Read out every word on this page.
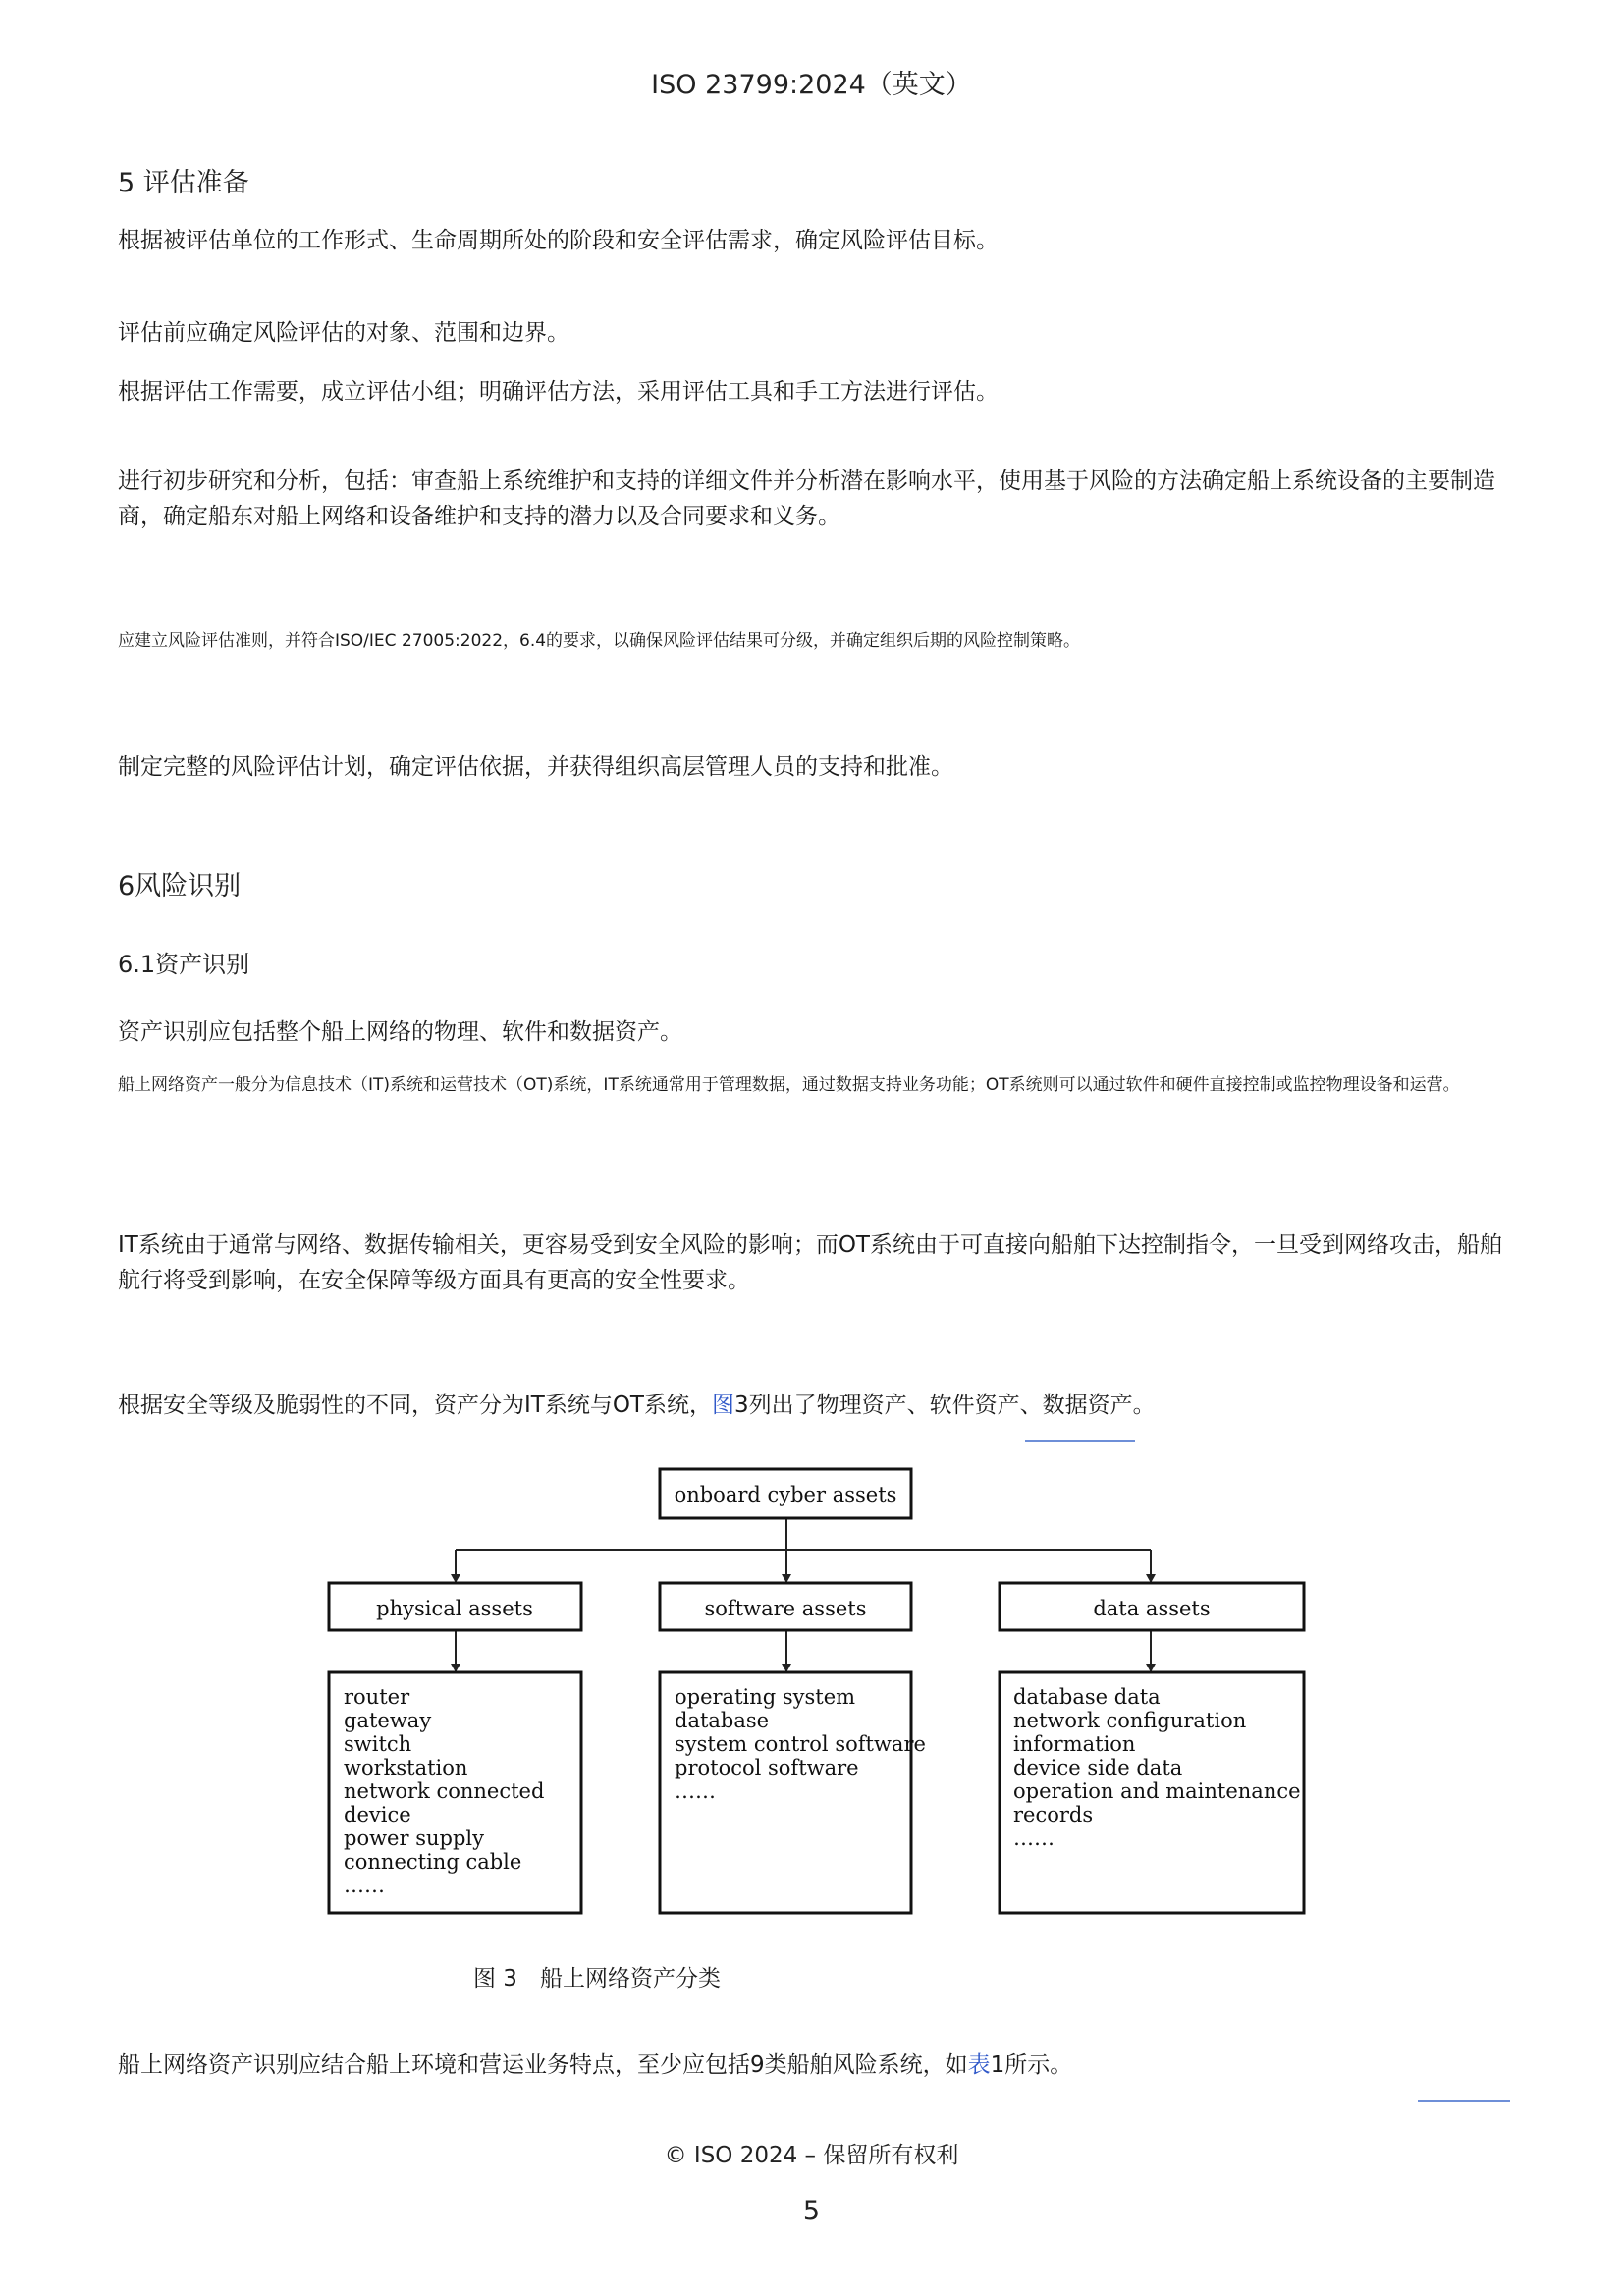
ISO 23799:2024（英文）
5 评估准备
根据被评估单位的工作形式、生命周期所处的阶段和安全评估需求，确定风险评估目标。
评估前应确定风险评估的对象、范围和边界。
根据评估工作需要，成立评估小组；明确评估方法，采用评估工具和手工方法进行评估。
进行初步研究和分析，包括：审查船上系统维护和支持的详细文件并分析潜在影响水平，使用基于风险的方法确定船上系统设备的主要制造商，确定船东对船上网络和设备维护和支持的潜力以及合同要求和义务。
应建立风险评估准则，并符合ISO/IEC 27005:2022，6.4的要求，以确保风险评估结果可分级，并确定组织后期的风险控制策略。
制定完整的风险评估计划，确定评估依据，并获得组织高层管理人员的支持和批准。
6风险识别
6.1资产识别
资产识别应包括整个船上网络的物理、软件和数据资产。
船上网络资产一般分为信息技术（IT)系统和运营技术（OT)系统，IT系统通常用于管理数据，通过数据支持业务功能；OT系统则可以通过软件和硬件直接控制或监控物理设备和运营。
IT系统由于通常与网络、数据传输相关，更容易受到安全风险的影响；而OT系统由于可直接向船舶下达控制指令，一旦受到网络攻击，船舶航行将受到影响，在安全保障等级方面具有更高的安全性要求。
根据安全等级及脆弱性的不同，资产分为IT系统与OT系统，图3列出了物理资产、软件资产、数据资产。
onboard cyber assets
physical assets	software assets	data assets
router
gateway
switch
workstation
network connected
device
power supply
connecting cable
……
operating system
database
system control software
protocol software
……
database data
network configuration
information
device side data
operation and maintenance
records
……
图 3　船上网络资产分类
船上网络资产识别应结合船上环境和营运业务特点，至少应包括9类船舶风险系统，如表1所示。
© ISO 2024 – 保留所有权利
5
